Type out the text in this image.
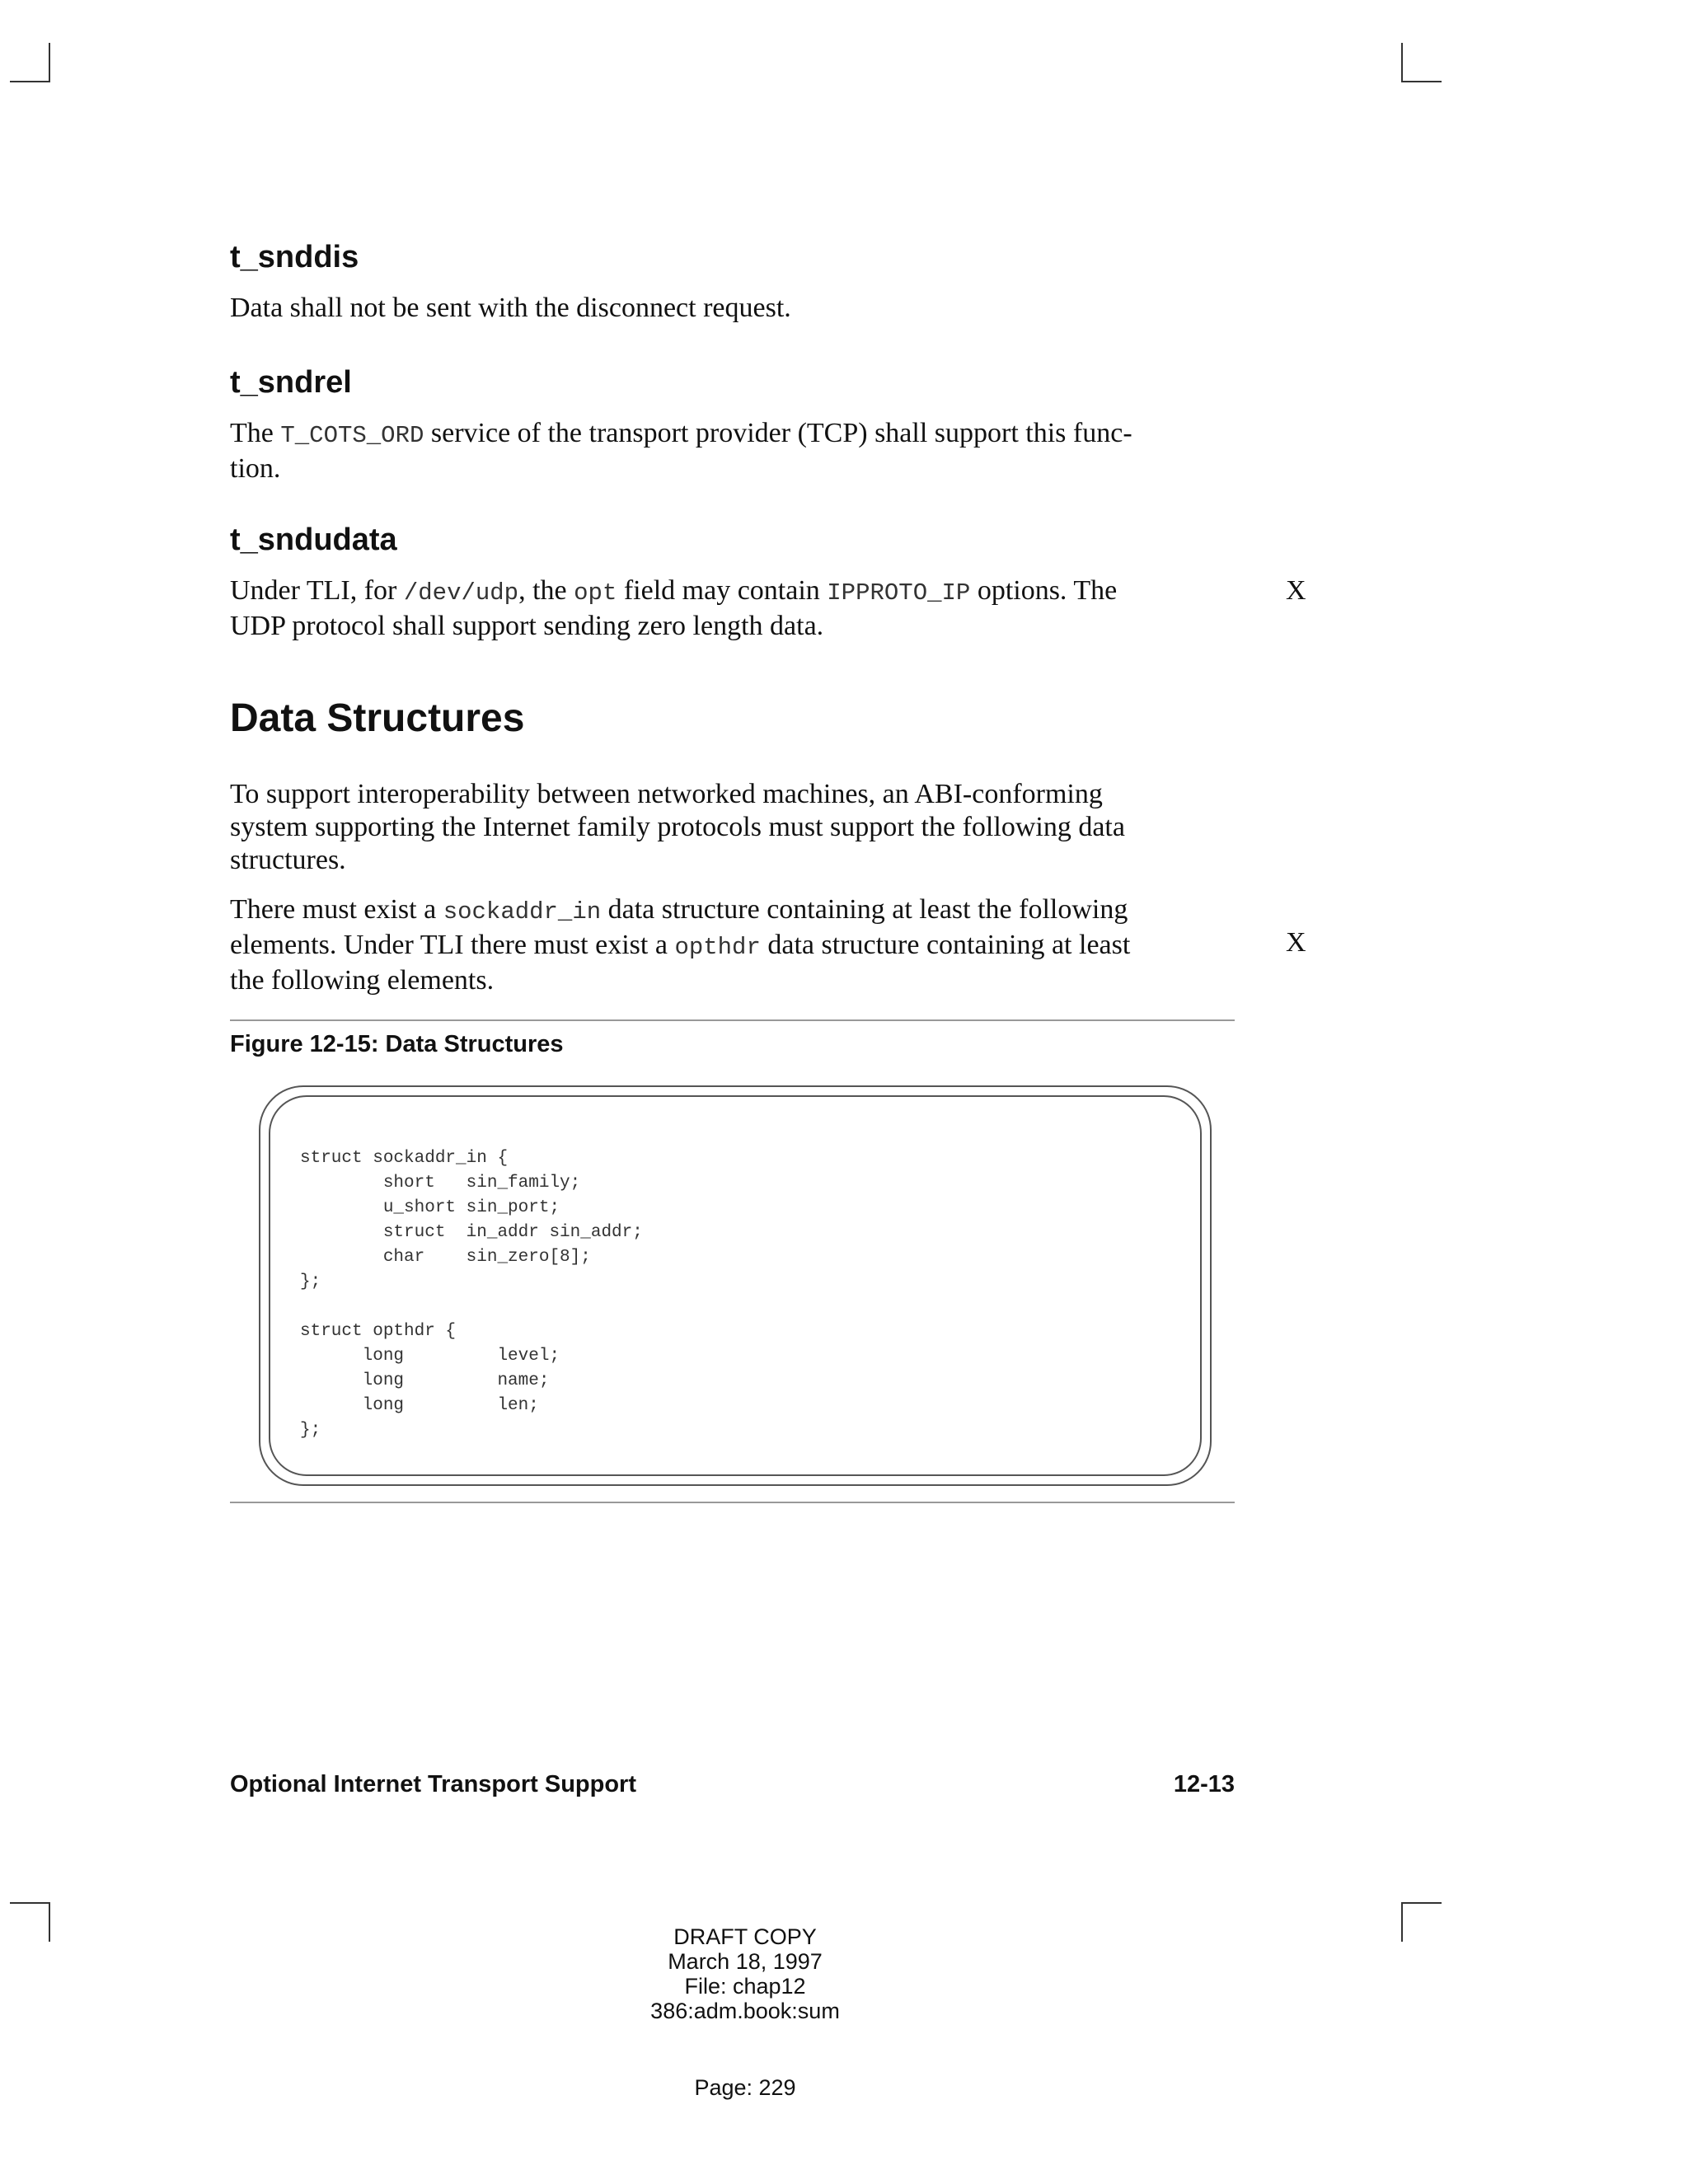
t_snddis

Data shall not be sent with the disconnect request.

t_sndrel

The T_COTS_ORD service of the transport provider (TCP) shall support this func-
tion.

t_sndudata

Under TLI, for /dev/udp, the opt field may contain IPPROTO_IP options. The
UDP protocol shall support sending zero length data.

X
Data Structures

To support interoperability between networked machines, an ABI-conforming
system supporting the Internet family protocols must support the following data
structures.

There must exist a sockaddr_in data structure containing at least the following
elements. Under TLI there must exist a opthdr data structure containing at least
the following elements.

X

Figure 12-15: Data Structures

struct sockaddr_in {
short   sin_family;
u_short sin_port;
struct  in_addr sin_addr;
char    sin_zero[8];
};

struct opthdr {
long         level;
long         name;
long         len;
};

Optional Internet Transport Support	12-13

DRAFT COPY
March 18, 1997
File: chap12
386:adm.book:sum
Page: 229
